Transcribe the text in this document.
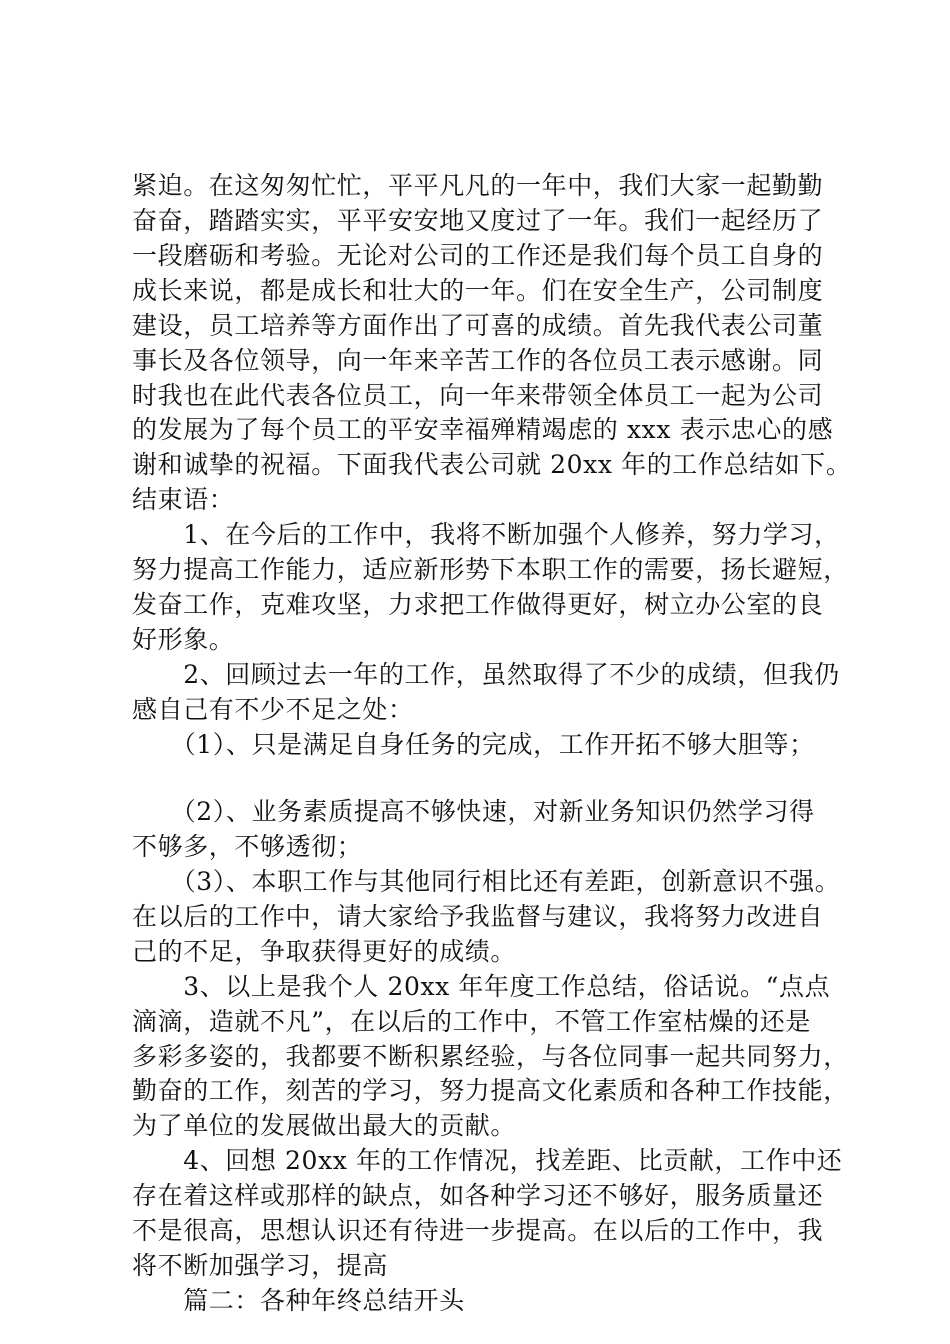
紧迫。在这匆匆忙忙，平平凡凡的一年中，我们大家一起勤勤
奋奋，踏踏实实，平平安安地又度过了一年。我们一起经历了
一段磨砺和考验。无论对公司的工作还是我们每个员工自身的
成长来说，都是成长和壮大的一年。们在安全生产，公司制度
建设，员工培养等方面作出了可喜的成绩。首先我代表公司董
事长及各位领导，向一年来辛苦工作的各位员工表示感谢。同
时我也在此代表各位员工，向一年来带领全体员工一起为公司
的发展为了每个员工的平安幸福殚精竭虑的 xxx 表示忠心的感
谢和诚挚的祝福。下面我代表公司就 20xx 年的工作总结如下。
结束语：
　　1、在今后的工作中，我将不断加强个人修养，努力学习，
努力提高工作能力，适应新形势下本职工作的需要，扬长避短，
发奋工作，克难攻坚，力求把工作做得更好，树立办公室的良
好形象。
　　2、回顾过去一年的工作，虽然取得了不少的成绩，但我仍
感自己有不少不足之处：
　　（1）、只是满足自身任务的完成，工作开拓不够大胆等；
　　（2）、业务素质提高不够快速，对新业务知识仍然学习得
不够多，不够透彻；
　　（3）、本职工作与其他同行相比还有差距，创新意识不强。
在以后的工作中，请大家给予我监督与建议，我将努力改进自
己的不足，争取获得更好的成绩。
　　3、以上是我个人 20xx 年年度工作总结，俗话说。“点点
滴滴，造就不凡”，在以后的工作中，不管工作室枯燥的还是
多彩多姿的，我都要不断积累经验，与各位同事一起共同努力，
勤奋的工作，刻苦的学习，努力提高文化素质和各种工作技能，
为了单位的发展做出最大的贡献。
　　4、回想 20xx 年的工作情况，找差距、比贡献，工作中还
存在着这样或那样的缺点，如各种学习还不够好，服务质量还
不是很高，思想认识还有待进一步提高。在以后的工作中，我
将不断加强学习，提高
　　篇二：各种年终总结开头
